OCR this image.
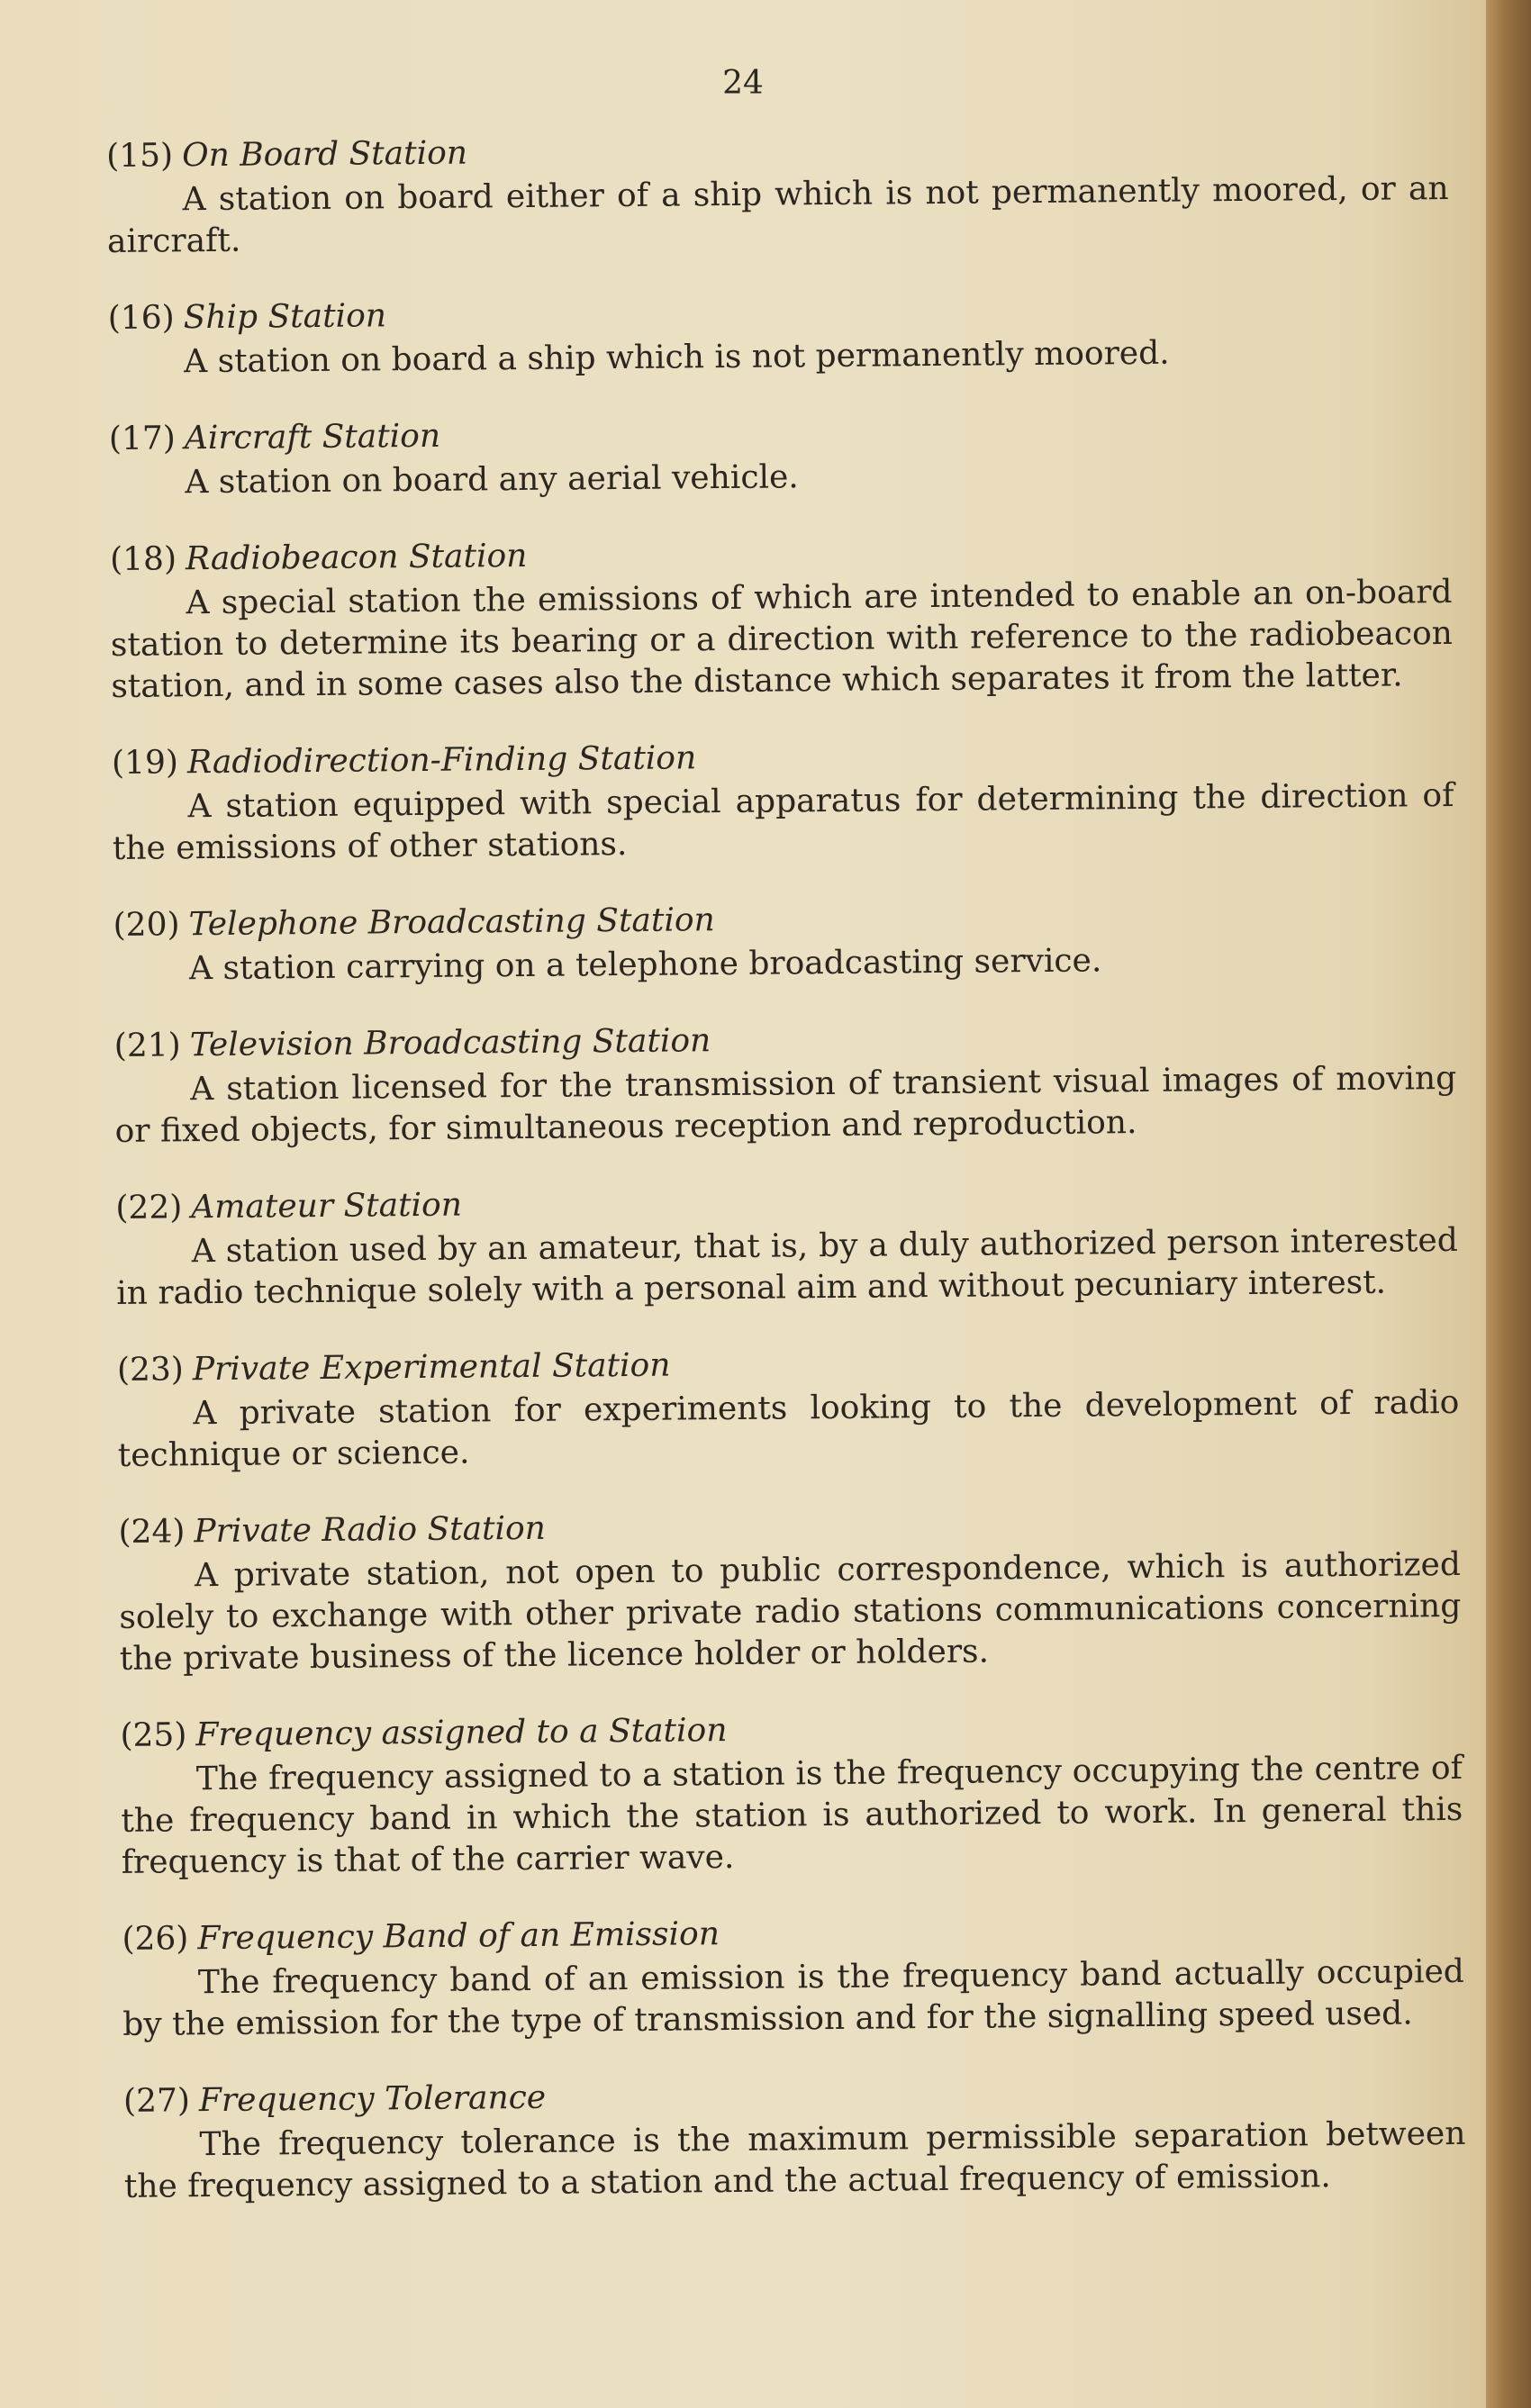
24

(15) On Board Station

A station on board either of a ship which is not permanently moored, or an aircraft.

(16) Ship Station

A station on board a ship which is not permanently moored.

(17) Aircraft Station

A station on board any aerial vehicle.

(18) Radiobeacon Station

A special station the emissions of which are intended to enable an on-board station to determine its bearing or a direction with reference to the radiobeacon station, and in some cases also the distance which separates it from the latter.

(19) Radiodirection-Finding Station

A station equipped with special apparatus for determining the direction of the emissions of other stations.

(20) Telephone Broadcasting Station

A station carrying on a telephone broadcasting service.

(21) Television Broadcasting Station

A station licensed for the transmission of transient visual images of moving or fixed objects, for simultaneous reception and reproduction.

(22) Amateur Station

A station used by an amateur, that is, by a duly authorized person interested in radio technique solely with a personal aim and without pecuniary interest.

(23) Private Experimental Station

A private station for experiments looking to the development of radio technique or science.

(24) Private Radio Station

A private station, not open to public correspondence, which is authorized solely to exchange with other private radio stations communications concerning the private business of the licence holder or holders.

(25) Frequency assigned to a Station

The frequency assigned to a station is the frequency occupying the centre of the frequency band in which the station is authorized to work. In general this frequency is that of the carrier wave.

(26) Frequency Band of an Emission

The frequency band of an emission is the frequency band actually occupied by the emission for the type of transmission and for the signalling speed used.

(27) Frequency Tolerance

The frequency tolerance is the maximum permissible separation between the frequency assigned to a station and the actual frequency of emission.
